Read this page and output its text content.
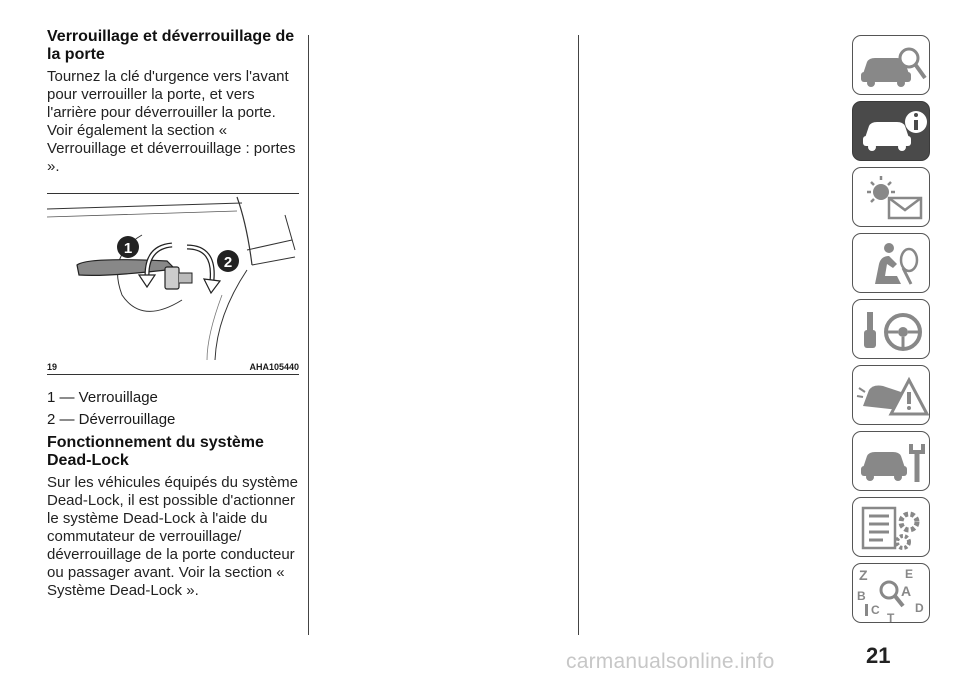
Verrouillage et déverrouillage de la porte

Tournez la clé d'urgence vers l'avant pour verrouiller la porte, et vers l'arrière pour déverrouiller la porte. Voir également la section « Verrouillage et déverrouillage : portes ».

1
2
19	AHA105440
1 — Verrouillage
2 — Déverrouillage
Fonctionnement du système Dead-Lock

Sur les véhicules équipés du système Dead-Lock, il est possible d'actionner le système Dead-Lock à l'aide du commutateur de verrouillage/ déverrouillage de la porte conducteur ou passager avant. Voir la section « Système Dead-Lock ».

Z	E
A
B
C	D
T
carmanualsonline.info	21
